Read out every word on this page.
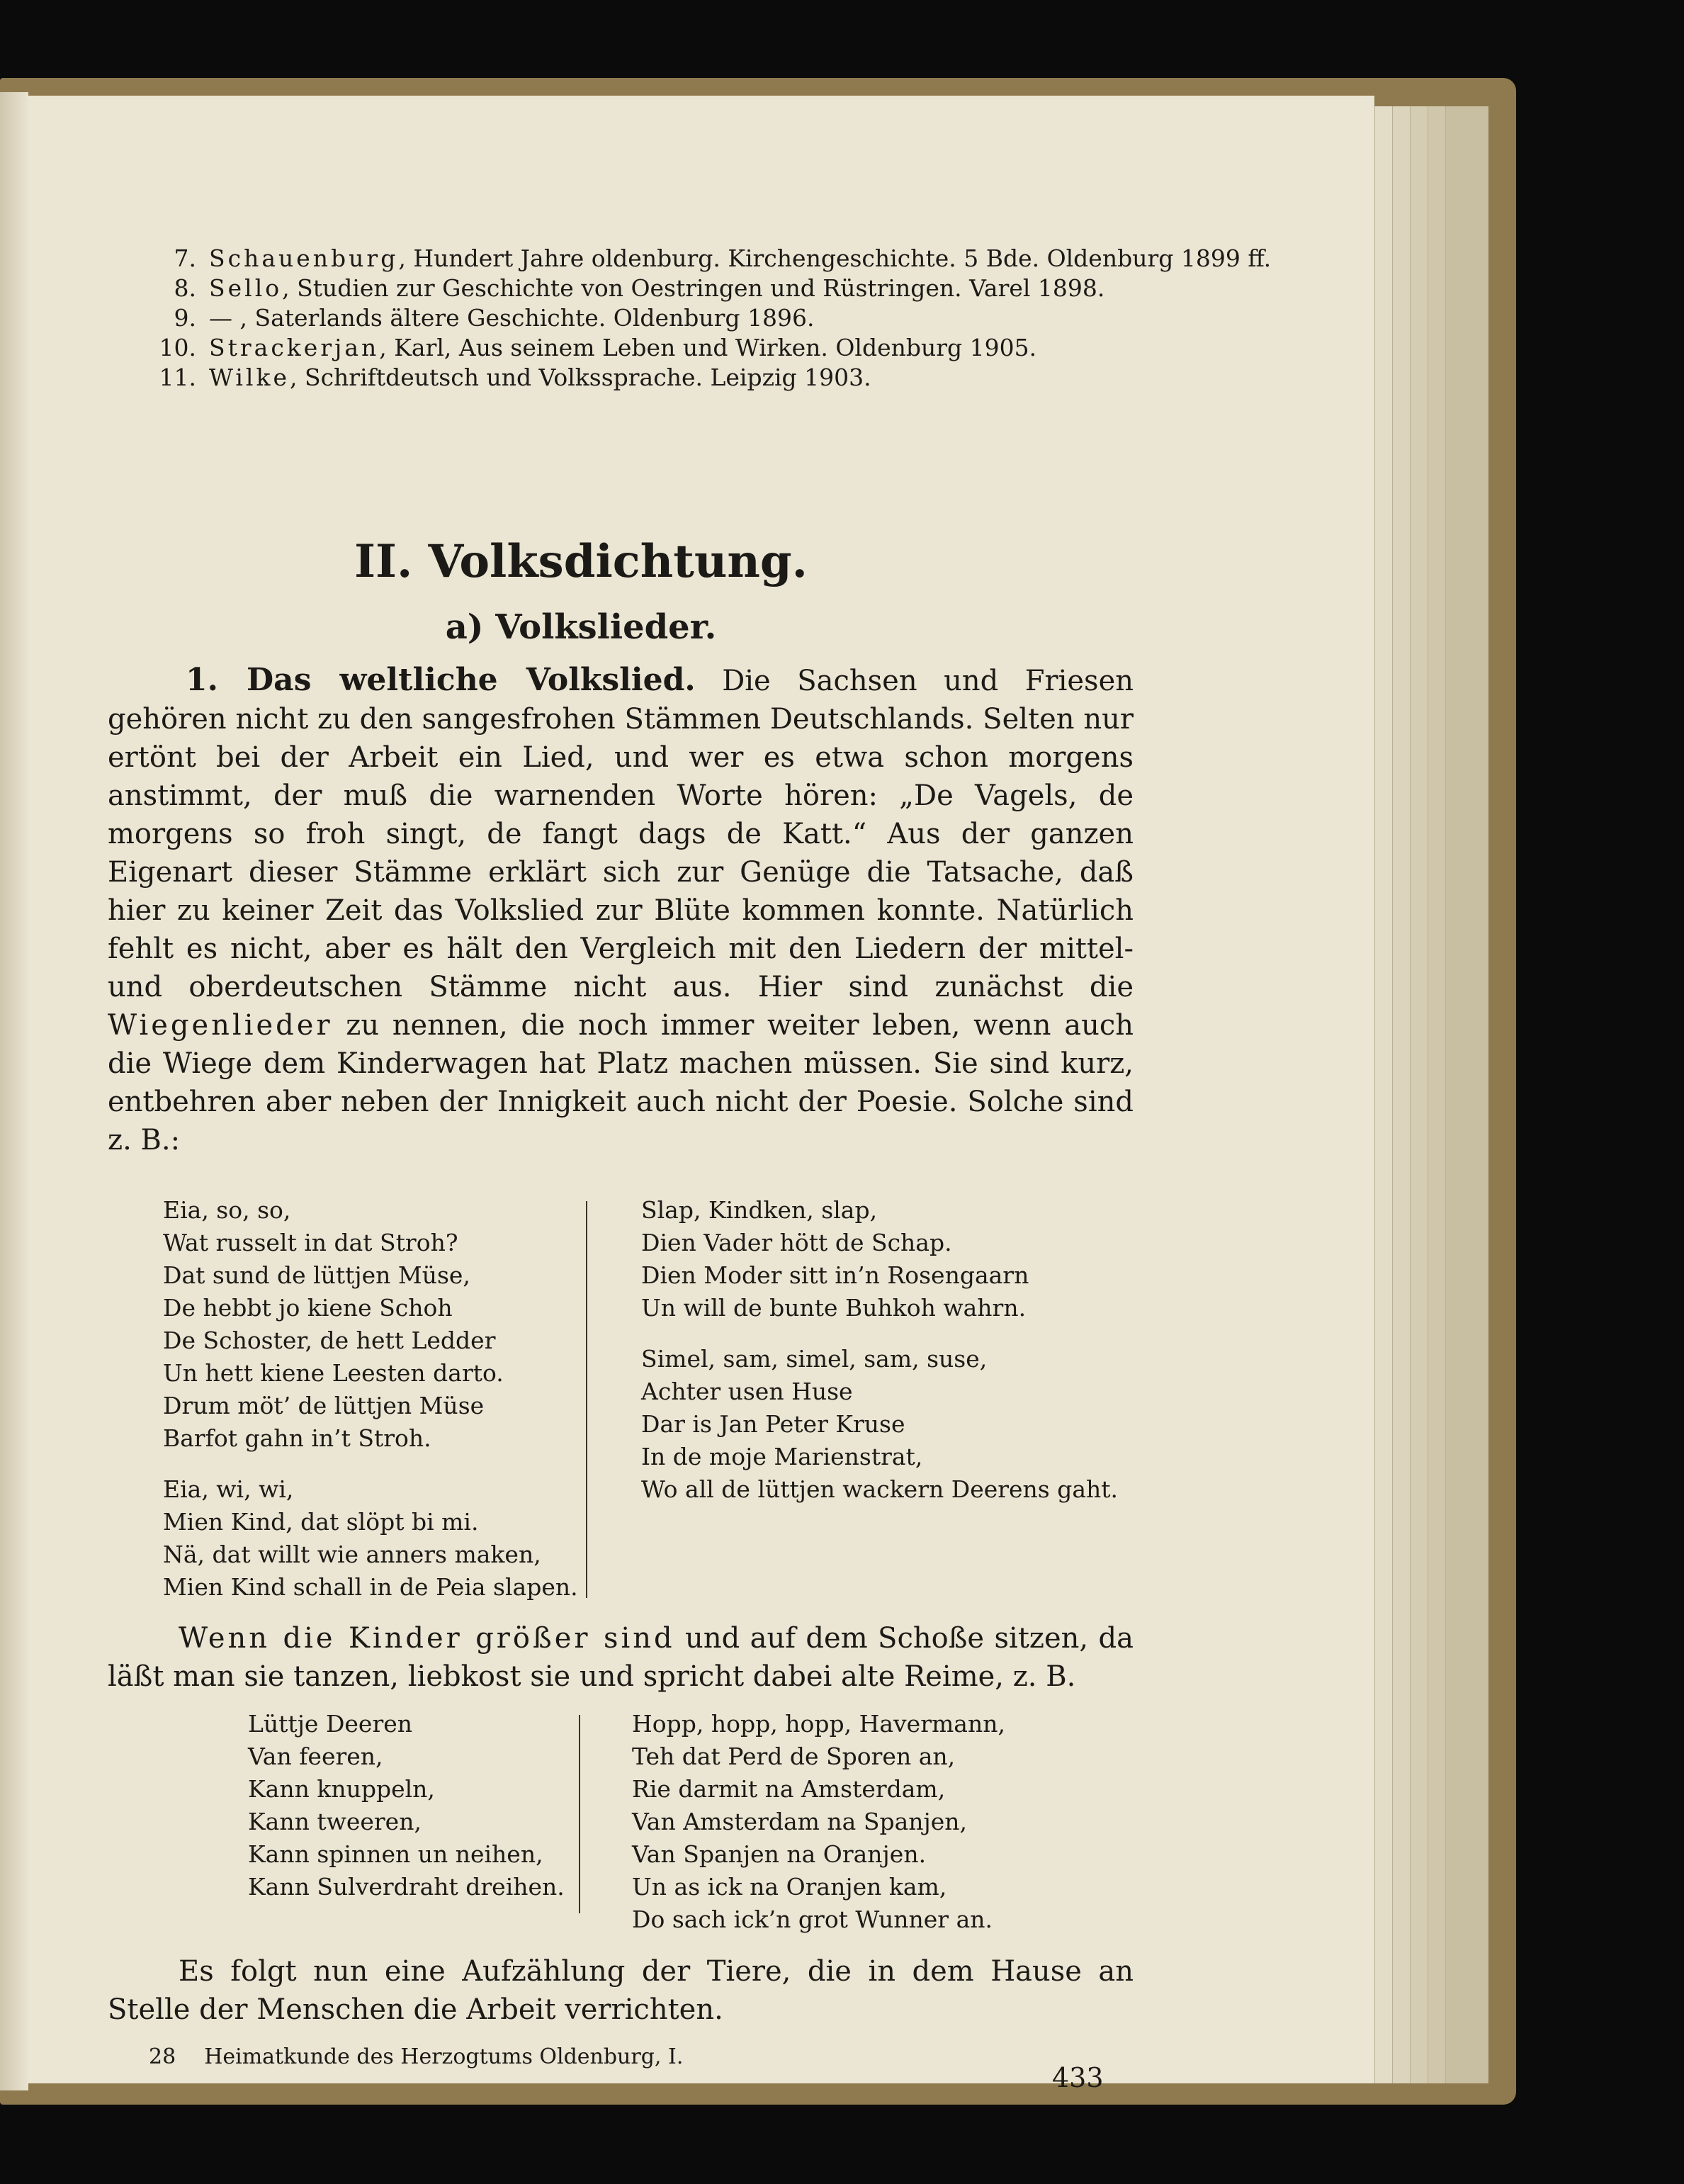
7. Schauenburg, Hundert Jahre oldenburg. Kirchengeschichte. 5 Bde. Oldenburg 1899 ff.
8. Sello, Studien zur Geschichte von Oestringen und Rüstringen. Varel 1898.
9. — , Saterlands ältere Geschichte. Oldenburg 1896.
10. Strackerjan, Karl, Aus seinem Leben und Wirken. Oldenburg 1905.
11. Wilke, Schriftdeutsch und Volkssprache. Leipzig 1903.
II. Volksdichtung.
a) Volkslieder.
1. Das weltliche Volkslied. Die Sachsen und Friesen gehören nicht zu den sangesfrohen Stämmen Deutschlands. Selten nur ertönt bei der Arbeit ein Lied, und wer es etwa schon morgens anstimmt, der muß die warnenden Worte hören: „De Vagels, de morgens so froh singt, de fangt dags de Katt.“ Aus der ganzen Eigenart dieser Stämme erklärt sich zur Genüge die Tatsache, daß hier zu keiner Zeit das Volkslied zur Blüte kommen konnte. Natürlich fehlt es nicht, aber es hält den Vergleich mit den Liedern der mittel- und oberdeutschen Stämme nicht aus. Hier sind zunächst die Wiegenlieder zu nennen, die noch immer weiter leben, wenn auch die Wiege dem Kinderwagen hat Platz machen müssen. Sie sind kurz, entbehren aber neben der Innigkeit auch nicht der Poesie. Solche sind z. B.:
Eia, so, so,
Wat russelt in dat Stroh?
Dat sund de lüttjen Müse,
De hebbt jo kiene Schoh
De Schoster, de hett Ledder
Un hett kiene Leesten darto.
Drum möt’ de lüttjen Müse
Barfot gahn in’t Stroh.
Eia, wi, wi,
Mien Kind, dat slöpt bi mi.
Nä, dat willt wie anners maken,
Mien Kind schall in de Peia slapen.
Slap, Kindken, slap,
Dien Vader hött de Schap.
Dien Moder sitt in’n Rosengaarn
Un will de bunte Buhkoh wahrn.
Simel, sam, simel, sam, suse,
Achter usen Huse
Dar is Jan Peter Kruse
In de moje Marienstrat,
Wo all de lüttjen wackern Deerens gaht.
Wenn die Kinder größer sind und auf dem Schoße sitzen, da läßt man sie tanzen, liebkost sie und spricht dabei alte Reime, z. B.
Lüttje Deeren
Van feeren,
Kann knuppeln,
Kann tweeren,
Kann spinnen un neihen,
Kann Sulverdraht dreihen.
Hopp, hopp, hopp, Havermann,
Teh dat Perd de Sporen an,
Rie darmit na Amsterdam,
Van Amsterdam na Spanjen,
Van Spanjen na Oranjen.
Un as ick na Oranjen kam,
Do sach ick’n grot Wunner an.
Es folgt nun eine Aufzählung der Tiere, die in dem Hause an Stelle der Menschen die Arbeit verrichten.
28 Heimatkunde des Herzogtums Oldenburg, I.
433
